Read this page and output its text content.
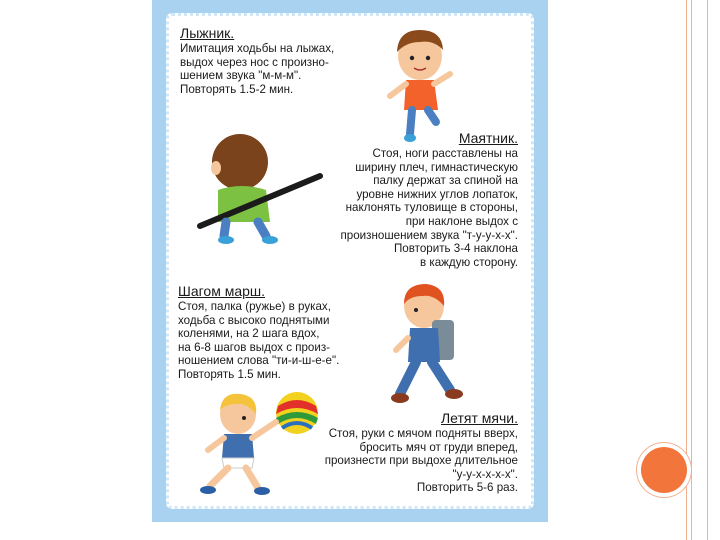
Лыжник.
Имитация ходьбы на лыжах,
выдох через нос с произно-
шением звука "м-м-м".
Повторять 1.5-2 мин.
Маятник.
Стоя, ноги расставлены на
ширину плеч, гимнастическую
палку держат за спиной на
уровне нижних углов лопаток,
наклонять туловище в стороны,
при наклоне выдох с
произношением звука "т-у-у-х-х".
Повторить 3-4 наклона
в каждую сторону.
Шагом марш.
Стоя, палка (ружье) в руках,
ходьба с высоко поднятыми
коленями, на 2 шага вдох,
на 6-8 шагов выдох с произ-
ношением слова "ти-и-ш-е-е".
Повторять 1.5 мин.
Летят мячи.
Стоя, руки с мячом подняты вверх,
бросить мяч от груди вперед,
произнести при выдохе длительное
"у-у-х-х-х-х".
Повторить 5-6 раз.
